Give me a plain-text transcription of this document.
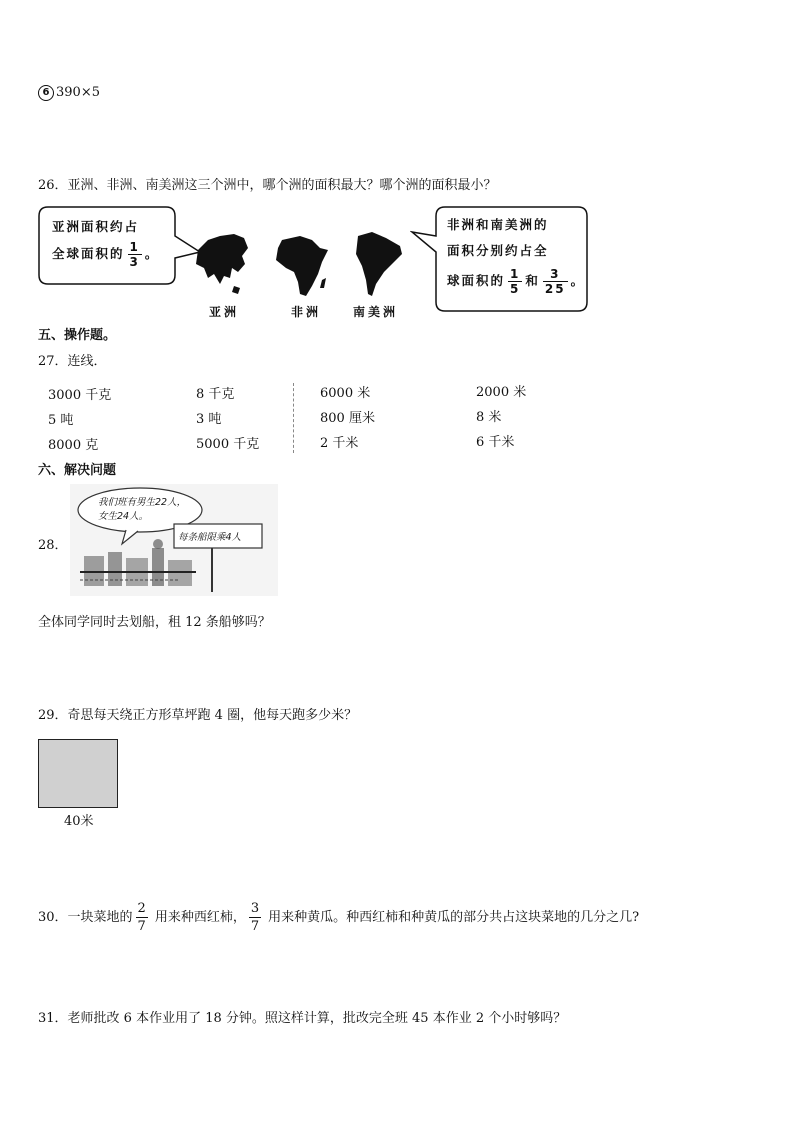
6 390×5
26．亚洲、非洲、南美洲这三个洲中，哪个洲的面积最大？哪个洲的面积最小？
亚洲面积约占
全球面积的 $\frac{1}{3}$ 。
亚洲	非洲	南美洲
非洲和南美洲的
面积分别约占全
球面积的 $\frac{1}{5}$ 和 $\frac{3}{25}$ 。
五、操作题。
27．连线．
3000 千克
5 吨
8000 克
8 千克
3 吨
5000 千克
6000 米
800 厘米
2 千米
2000 米
8 米
6 千米
六、解决问题
28．
我们班有男生22人，
女生24人。
每条船限乘4人
全体同学同时去划船，租 12 条船够吗？
29．奇思每天绕正方形草坪跑 4 圈，他每天跑多少米？
40米
30．一块菜地的 $\frac{2}{7}$ 用来种西红柿， $\frac{3}{7}$ 用来种黄瓜。种西红柿和种黄瓜的部分共占这块菜地的几分之几?
31．老师批改 6 本作业用了 18 分钟。照这样计算，批改完全班 45 本作业 2 个小时够吗？
